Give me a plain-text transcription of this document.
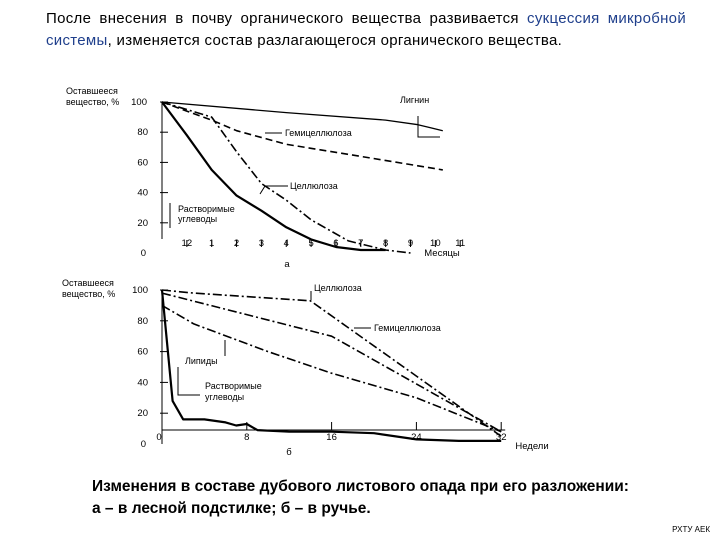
После внесения в почву органического вещества развивается сукцессия микробной системы, изменяется состав разлагающегося органического вещества.
Оставшееся
вещество, %
0
20
40
60
80
100
12 1 2 3 4 5 6 7 8 9 10 11
Месяцы
а
Лигнин
Гемицеллюлоза
Целлюлоза
Растворимые
углеводы
Оставшееся
вещество, %
0
20
40
60
80
100
0	8	16	24	32
Недели
б
Целлюлоза
Гемицеллюлоза
Липиды
Растворимые
углеводы
Изменения в составе дубового листового опада при его разложении:
а – в лесной подстилке; б – в ручье.
РХТУ АЕК
